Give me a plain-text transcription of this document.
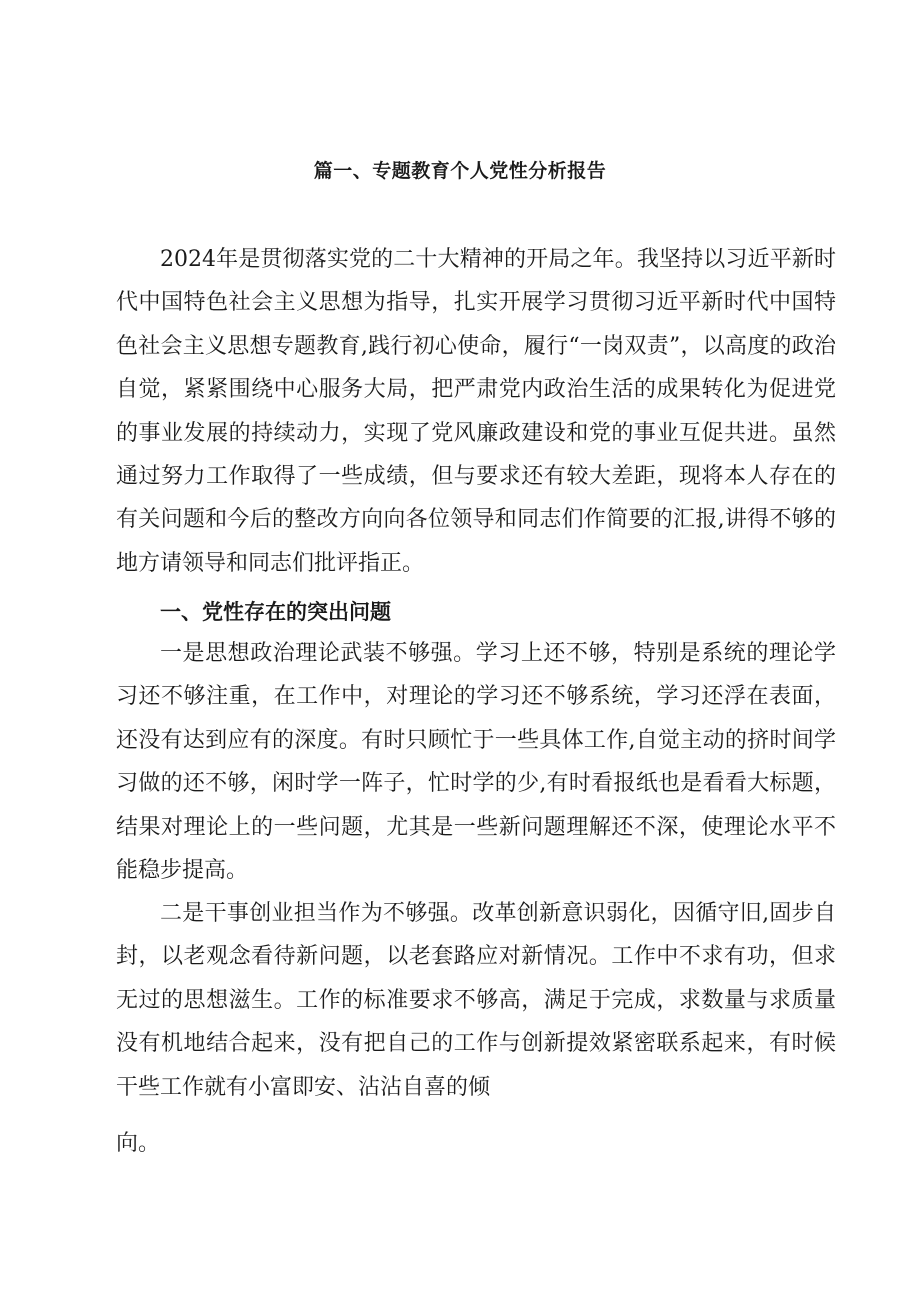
篇一、专题教育个人党性分析报告
2024年是贯彻落实党的二十大精神的开局之年。我坚持以习近平新时代中国特色社会主义思想为指导，扎实开展学习贯彻习近平新时代中国特色社会主义思想专题教育,践行初心使命，履行“一岗双责”，以高度的政治自觉，紧紧围绕中心服务大局，把严肃党内政治生活的成果转化为促进党的事业发展的持续动力，实现了党风廉政建设和党的事业互促共进。虽然通过努力工作取得了一些成绩，但与要求还有较大差距，现将本人存在的有关问题和今后的整改方向向各位领导和同志们作简要的汇报,讲得不够的地方请领导和同志们批评指正。
一、党性存在的突出问题
一是思想政治理论武装不够强。学习上还不够，特别是系统的理论学习还不够注重，在工作中，对理论的学习还不够系统，学习还浮在表面，还没有达到应有的深度。有时只顾忙于一些具体工作,自觉主动的挤时间学习做的还不够，闲时学一阵子，忙时学的少,有时看报纸也是看看大标题，结果对理论上的一些问题，尤其是一些新问题理解还不深，使理论水平不能稳步提高。
二是干事创业担当作为不够强。改革创新意识弱化，因循守旧,固步自封，以老观念看待新问题，以老套路应对新情况。工作中不求有功，但求无过的思想滋生。工作的标准要求不够高，满足于完成，求数量与求质量没有机地结合起来，没有把自己的工作与创新提效紧密联系起来，有时候干些工作就有小富即安、沾沾自喜的倾
向。
